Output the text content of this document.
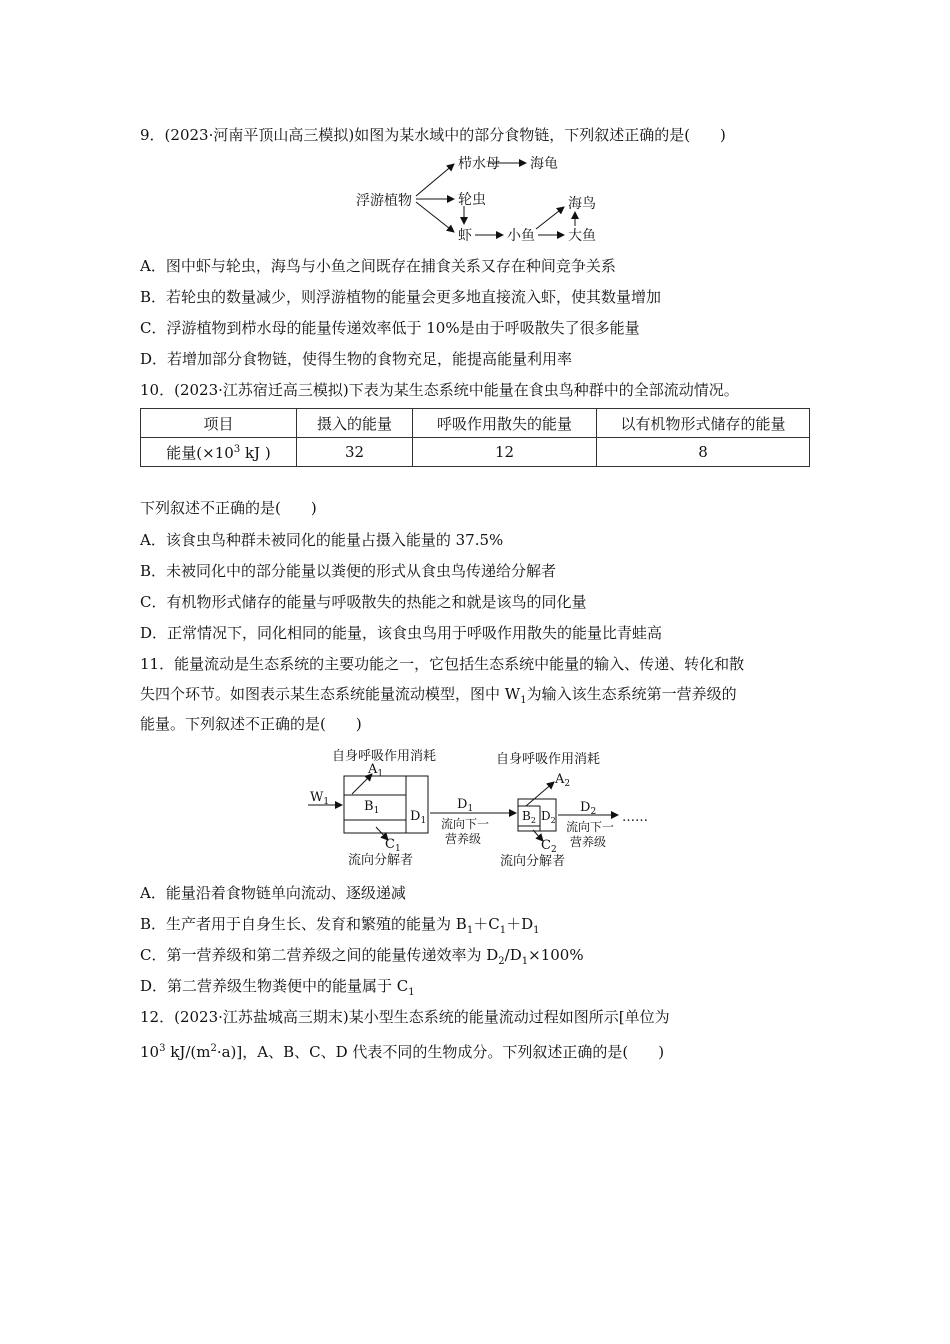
9．(2023·河南平顶山高三模拟)如图为某水域中的部分食物链，下列叙述正确的是(　　)
浮游植物
栉水母 海龟
轮虫
虾	小鱼
海鸟
大鱼
A．图中虾与轮虫，海鸟与小鱼之间既存在捕食关系又存在种间竞争关系
B．若轮虫的数量减少，则浮游植物的能量会更多地直接流入虾，使其数量增加
C．浮游植物到栉水母的能量传递效率低于 10%是由于呼吸散失了很多能量
D．若增加部分食物链，使得生物的食物充足，能提高能量利用率
10．(2023·江苏宿迁高三模拟)下表为某生态系统中能量在食虫鸟种群中的全部流动情况。
项目	摄入的能量	呼吸作用散失的能量	以有机物形式储存的能量
能量($\times 10^3$ kJ )	32	12	8
下列叙述不正确的是(　　)
A．该食虫鸟种群未被同化的能量占摄入能量的 37.5%
B．未被同化中的部分能量以粪便的形式从食虫鸟传递给分解者
C．有机物形式储存的能量与呼吸散失的热能之和就是该鸟的同化量
D．正常情况下，同化相同的能量，该食虫鸟用于呼吸作用散失的能量比青蛙高
11．能量流动是生态系统的主要功能之一，它包括生态系统中能量的输入、传递、转化和散
失四个环节。如图表示某生态系统能量流动模型，图中 $W_1$为输入该生态系统第一营养级的
能量。下列叙述不正确的是(　　)
自身呼吸作用消耗	自身呼吸作用消耗
$W_1$
$A_1$
$B_1$ $D_1$
$C_1$
$D_1$
流向下一
营养级
流向分解者
$A_2$
$B_2$ $D_2$
$C_2$
流向分解者
$D_2$
流向下一
营养级
……
A．能量沿着食物链单向流动、逐级递减
B．生产者用于自身生长、发育和繁殖的能量为 $B_1+C_1+D_1$
C．第一营养级和第二营养级之间的能量传递效率为 $D_2/D_1\times 100\%$
D．第二营养级生物粪便中的能量属于 $C_1$
12．(2023·江苏盐城高三期末)某小型生态系统的能量流动过程如图所示[单位为
$10^3$ $kJ/(m^2\cdot a)$]，A、B、C、D 代表不同的生物成分。下列叙述正确的是(　　)
